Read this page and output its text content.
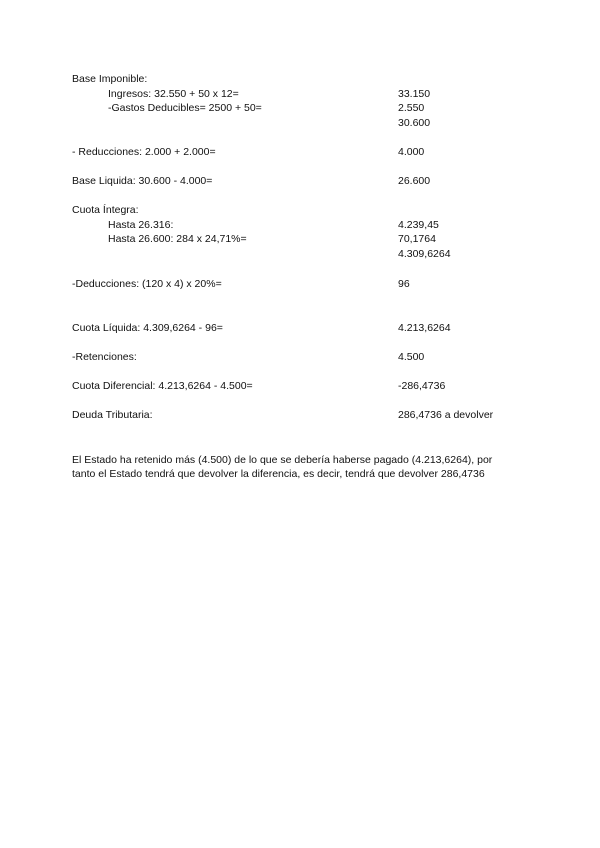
Base Imponible:
Ingresos: 32.550 + 50 x 12=	33.150
-Gastos Deducibles= 2500 + 50=	2.550
30.600
- Reducciones: 2.000 + 2.000=	4.000
Base Liquida: 30.600 - 4.000=	26.600
Cuota Íntegra:
Hasta 26.316:	4.239,45
Hasta 26.600: 284 x 24,71%=	70,1764
4.309,6264
-Deducciones: (120 x 4) x 20%=	96
Cuota Líquida: 4.309,6264 - 96=	4.213,6264
-Retenciones:	4.500
Cuota Diferencial: 4.213,6264 - 4.500=	-286,4736
Deuda Tributaria:	286,4736 a devolver
El Estado ha retenido más (4.500) de lo que se debería haberse pagado (4.213,6264), por
tanto el Estado tendrá que devolver la diferencia, es decir, tendrá que devolver 286,4736
